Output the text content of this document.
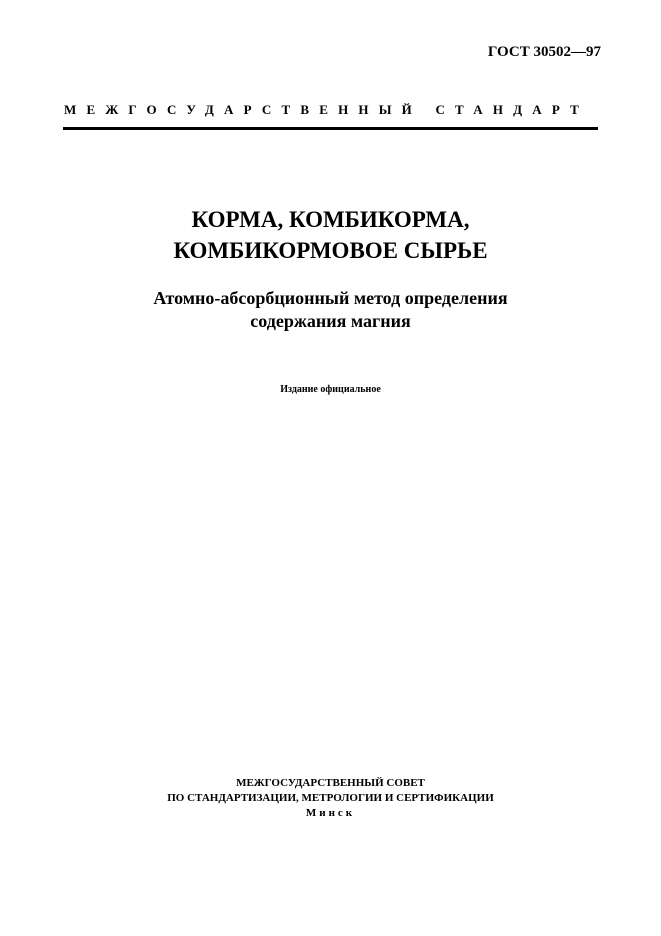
ГОСТ 30502—97
МЕЖГОСУДАРСТВЕННЫЙ СТАНДАРТ
КОРМА, КОМБИКОРМА,
КОМБИКОРМОВОЕ СЫРЬЕ
Атомно-абсорбционный метод определения
содержания магния
Издание официальное
МЕЖГОСУДАРСТВЕННЫЙ СОВЕТ
ПО СТАНДАРТИЗАЦИИ, МЕТРОЛОГИИ И СЕРТИФИКАЦИИ
Минск
